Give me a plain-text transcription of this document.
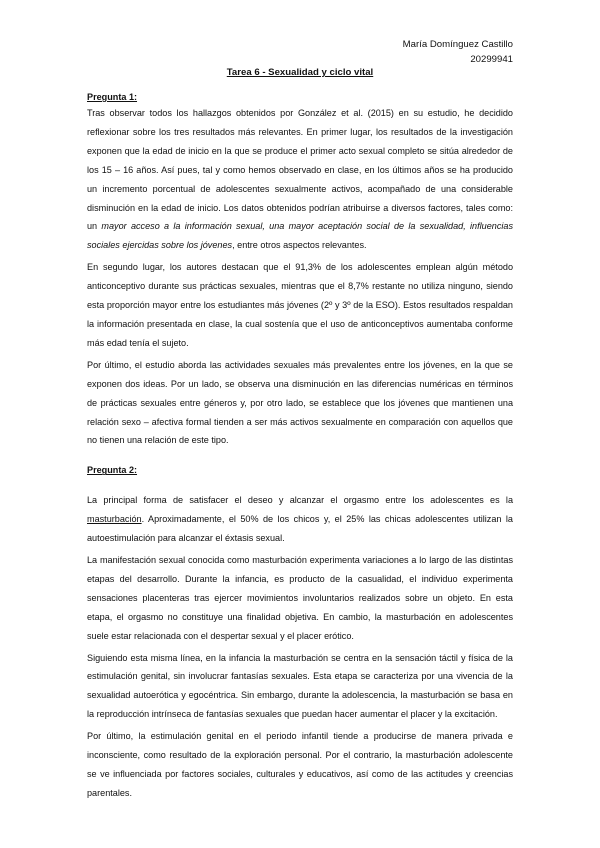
María Domínguez Castillo
20299941
Tarea 6 - Sexualidad y ciclo vital
Pregunta 1:

Tras observar todos los hallazgos obtenidos por González et al. (2015) en su estudio, he decidido reflexionar sobre los tres resultados más relevantes. En primer lugar, los resultados de la investigación exponen que la edad de inicio en la que se produce el primer acto sexual completo se sitúa alrededor de los 15 – 16 años. Así pues, tal y como hemos observado en clase, en los últimos años se ha producido un incremento porcentual de adolescentes sexualmente activos, acompañado de una considerable disminución en la edad de inicio. Los datos obtenidos podrían atribuirse a diversos factores, tales como: un mayor acceso a la información sexual, una mayor aceptación social de la sexualidad, influencias sociales ejercidas sobre los jóvenes, entre otros aspectos relevantes.

En segundo lugar, los autores destacan que el 91,3% de los adolescentes emplean algún método anticonceptivo durante sus prácticas sexuales, mientras que el 8,7% restante no utiliza ninguno, siendo esta proporción mayor entre los estudiantes más jóvenes (2º y 3º de la ESO). Estos resultados respaldan la información presentada en clase, la cual sostenía que el uso de anticonceptivos aumentaba conforme más edad tenía el sujeto.

Por último, el estudio aborda las actividades sexuales más prevalentes entre los jóvenes, en la que se exponen dos ideas. Por un lado, se observa una disminución en las diferencias numéricas en términos de prácticas sexuales entre géneros y, por otro lado, se establece que los jóvenes que mantienen una relación sexo – afectiva formal tienden a ser más activos sexualmente en comparación con aquellos que no tienen una relación de este tipo.

Pregunta 2:

La principal forma de satisfacer el deseo y alcanzar el orgasmo entre los adolescentes es la masturbación. Aproximadamente, el 50% de los chicos y, el 25% las chicas adolescentes utilizan la autoestimulación para alcanzar el éxtasis sexual.

La manifestación sexual conocida como masturbación experimenta variaciones a lo largo de las distintas etapas del desarrollo. Durante la infancia, es producto de la casualidad, el individuo experimenta sensaciones placenteras tras ejercer movimientos involuntarios realizados sobre un objeto. En esta etapa, el orgasmo no constituye una finalidad objetiva. En cambio, la masturbación en adolescentes suele estar relacionada con el despertar sexual y el placer erótico.

Siguiendo esta misma línea, en la infancia la masturbación se centra en la sensación táctil y física de la estimulación genital, sin involucrar fantasías sexuales. Esta etapa se caracteriza por una vivencia de la sexualidad autoerótica y egocéntrica. Sin embargo, durante la adolescencia, la masturbación se basa en la reproducción intrínseca de fantasías sexuales que puedan hacer aumentar el placer y la excitación.

Por último, la estimulación genital en el periodo infantil tiende a producirse de manera privada e inconsciente, como resultado de la exploración personal. Por el contrario, la masturbación adolescente se ve influenciada por factores sociales, culturales y educativos, así como de las actitudes y creencias parentales.
